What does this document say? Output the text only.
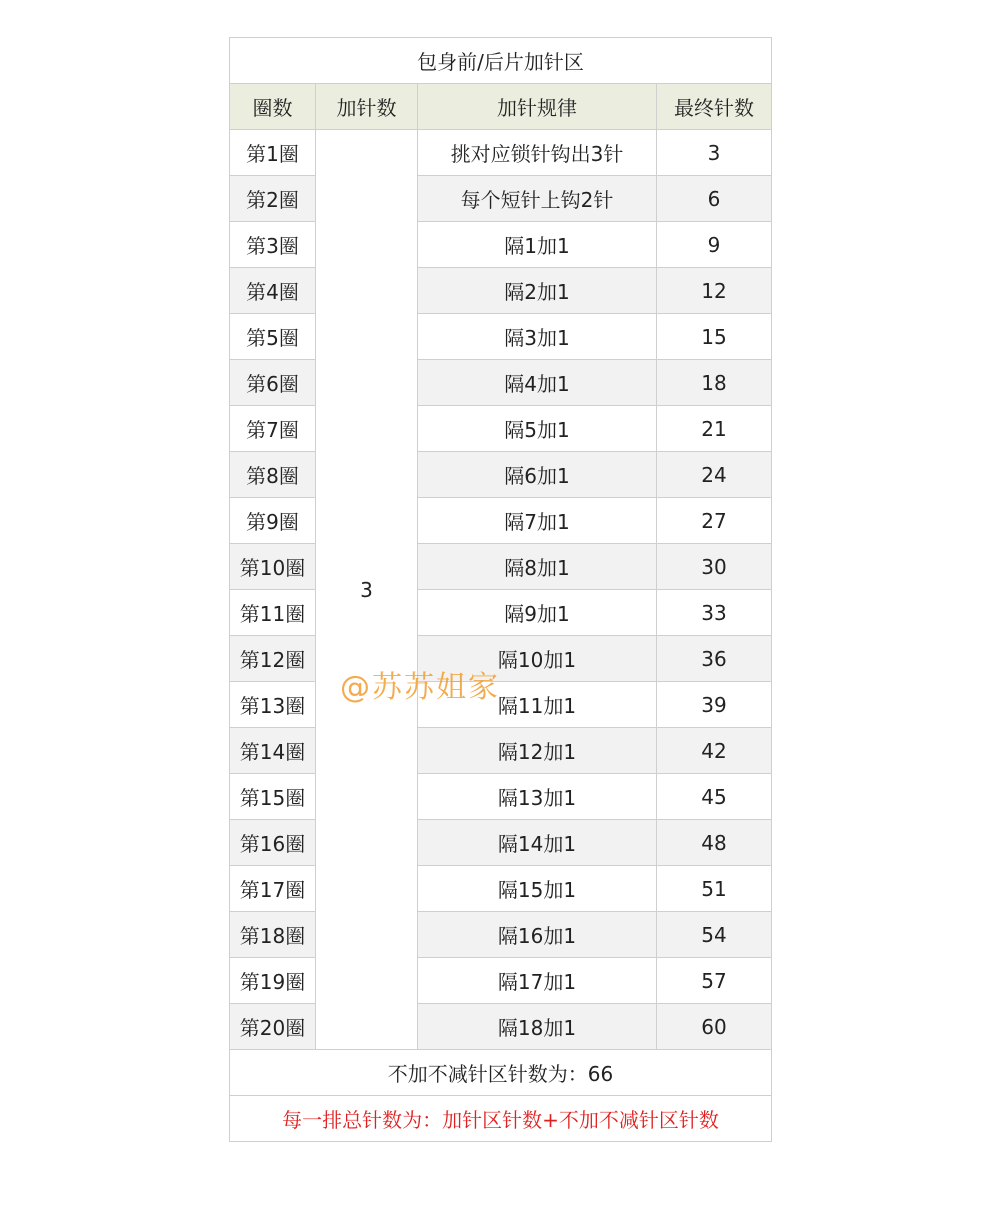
包身前/后片加针区			
圈数	加针数	加针规律	最终针数
第1圈	3	挑对应锁针钩出3针	3
第2圈		每个短针上钩2针	6
第3圈		隔1加1	9
第4圈		隔2加1	12
第5圈		隔3加1	15
第6圈		隔4加1	18
第7圈		隔5加1	21
第8圈		隔6加1	24
第9圈		隔7加1	27
第10圈		隔8加1	30
第11圈		隔9加1	33
第12圈		隔10加1	36
第13圈		隔11加1	39
第14圈		隔12加1	42
第15圈		隔13加1	45
第16圈		隔14加1	48
第17圈		隔15加1	51
第18圈		隔16加1	54
第19圈		隔17加1	57
第20圈		隔18加1	60
不加不减针区针数为：66			
每一排总针数为：加针区针数+不加不减针区针数			
@苏苏姐家
